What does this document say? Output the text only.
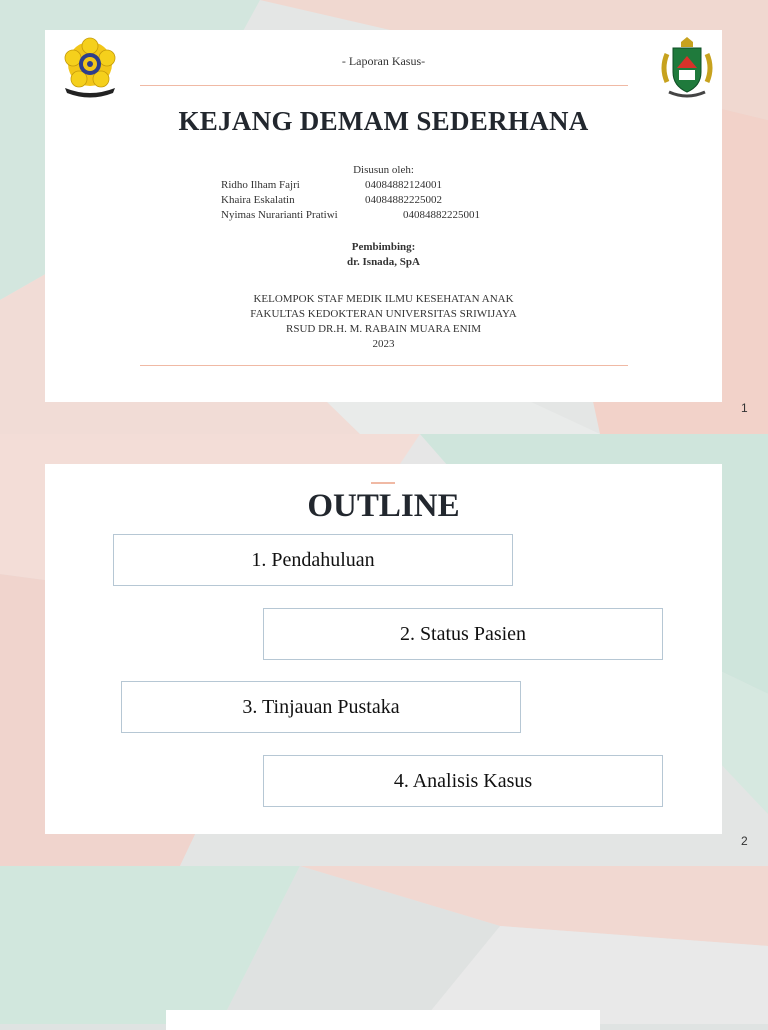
- Laporan Kasus-
KEJANG DEMAM SEDERHANA
Disusun oleh:
Ridho Ilham Fajri	04084882124001
Khaira Eskalatin	04084882225002
Nyimas Nurarianti Pratiwi	04084882225001
Pembimbing:
dr. Isnada, SpA
KELOMPOK STAF MEDIK ILMU KESEHATAN ANAK
FAKULTAS KEDOKTERAN UNIVERSITAS SRIWIJAYA
RSUD DR.H. M. RABAIN MUARA ENIM
2023
1
OUTLINE
1. Pendahuluan
2. Status Pasien
3. Tinjauan Pustaka
4. Analisis Kasus
2
